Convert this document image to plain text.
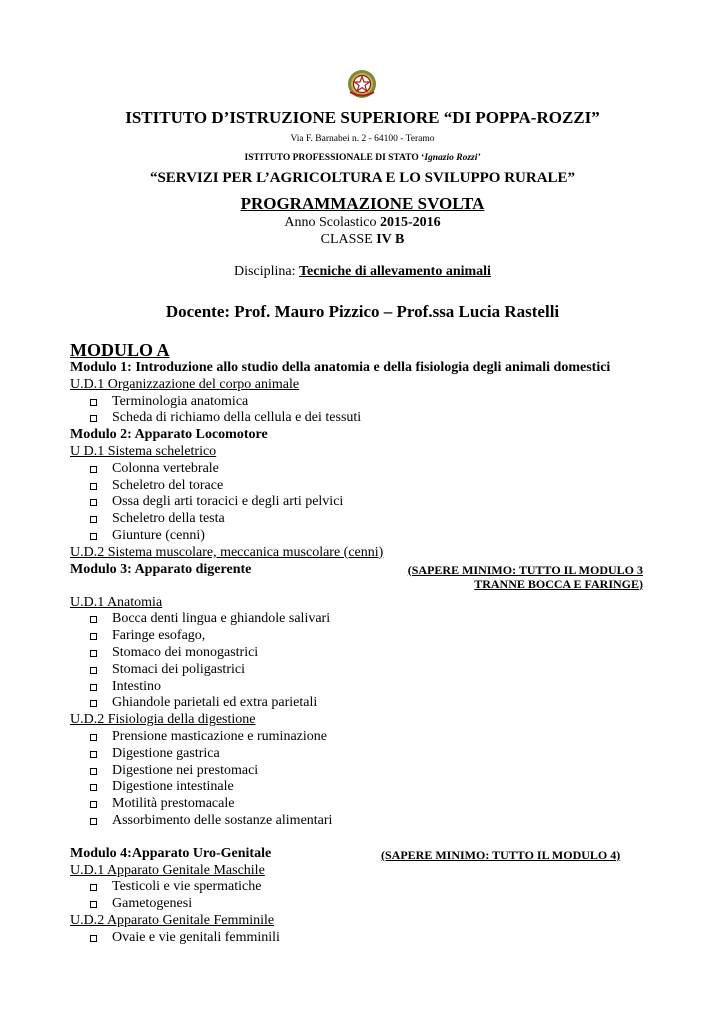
ISTITUTO D’ISTRUZIONE SUPERIORE “DI POPPA-ROZZI”
Via F. Barnabei n. 2 - 64100 - Teramo
ISTITUTO PROFESSIONALE DI STATO ‘Ignazio Rozzi’
“SERVIZI PER L’AGRICOLTURA E LO SVILUPPO RURALE”
PROGRAMMAZIONE SVOLTA
Anno Scolastico 2015-2016
CLASSE IV B
Disciplina: Tecniche di allevamento animali
Docente: Prof. Mauro Pizzico – Prof.ssa Lucia Rastelli
MODULO A
Modulo 1: Introduzione allo studio della anatomia e della fisiologia degli animali domestici
U.D.1 Organizzazione del corpo animale
Terminologia anatomica
Scheda di richiamo della cellula e dei tessuti
Modulo 2: Apparato Locomotore
U D.1 Sistema scheletrico
Colonna vertebrale
Scheletro del torace
Ossa degli arti toracici e degli arti pelvici
Scheletro della testa
Giunture (cenni)
U.D.2 Sistema muscolare, meccanica muscolare (cenni)
Modulo 3: Apparato digerente	(SAPERE MINIMO: TUTTO IL MODULO 3
TRANNE BOCCA E FARINGE)
U.D.1 Anatomia
Bocca denti lingua e ghiandole salivari
Faringe esofago,
Stomaco dei monogastrici
Stomaci dei poligastrici
Intestino
Ghiandole parietali ed extra parietali
U.D.2 Fisiologia della digestione
Prensione masticazione e ruminazione
Digestione gastrica
Digestione nei prestomaci
Digestione intestinale
Motilità prestomacale
Assorbimento delle sostanze alimentari
Modulo 4:Apparato Uro-Genitale	(SAPERE MINIMO: TUTTO IL MODULO 4)
U.D.1 Apparato Genitale Maschile
Testicoli e vie spermatiche
Gametogenesi
U.D.2 Apparato Genitale Femminile
Ovaie e vie genitali femminili
